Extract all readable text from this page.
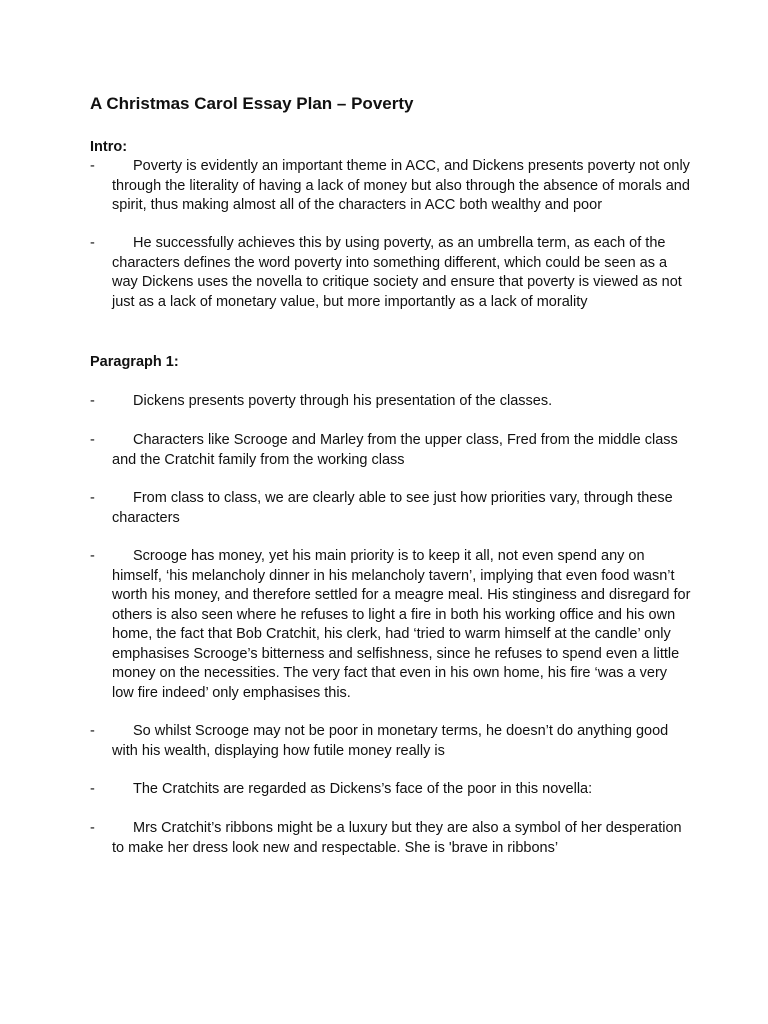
A Christmas Carol Essay Plan – Poverty
Intro:
-	Poverty is evidently an important theme in ACC, and Dickens presents poverty not only through the literality of having a lack of money but also through the absence of morals and spirit, thus making almost all of the characters in ACC both wealthy and poor
-	He successfully achieves this by using poverty, as an umbrella term, as each of the characters defines the word poverty into something different, which could be seen as a way Dickens uses the novella to critique society and ensure that poverty is viewed as not just as a lack of monetary value, but more importantly as a lack of morality
Paragraph 1:
-	Dickens presents poverty through his presentation of the classes.
-	Characters like Scrooge and Marley from the upper class, Fred from the middle class and the Cratchit family from the working class
-	From class to class, we are clearly able to see just how priorities vary, through these characters
-	Scrooge has money, yet his main priority is to keep it all, not even spend any on himself, ‘his melancholy dinner in his melancholy tavern’, implying that even food wasn’t worth his money, and therefore settled for a meagre meal. His stinginess and disregard for others is also seen where he refuses to light a fire in both his working office and his own home, the fact that Bob Cratchit, his clerk, had ‘tried to warm himself at the candle’ only emphasises Scrooge’s bitterness and selfishness, since he refuses to spend even a little money on the necessities. The very fact that even in his own home, his fire ‘was a very low fire indeed’ only emphasises this.
-	So whilst Scrooge may not be poor in monetary terms, he doesn’t do anything good with his wealth, displaying how futile money really is
-	The Cratchits are regarded as Dickens’s face of the poor in this novella:
-	Mrs Cratchit’s ribbons might be a luxury but they are also a symbol of her desperation to make her dress look new and respectable. She is 'brave in ribbons’
